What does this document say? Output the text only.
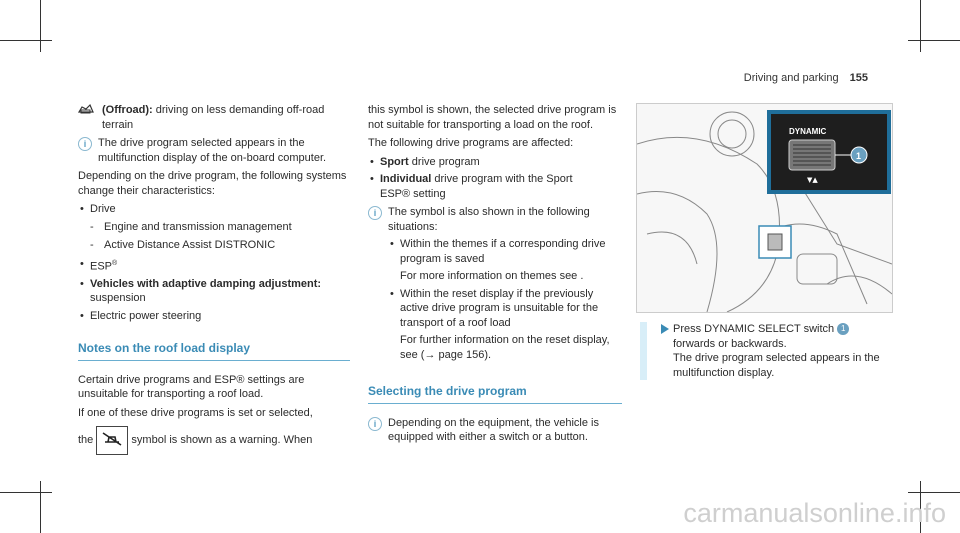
Driving and parking 155
(Offroad): driving on less demanding off-road terrain
i	The drive program selected appears in the multifunction display of the on-board computer.

Depending on the drive program, the following systems change their characteristics:

• Drive
- Engine and transmission management
- Active Distance Assist DISTRONIC
• ESP®
• Vehicles with adaptive damping adjustment: suspension
• Electric power steering
Notes on the roof load display

Certain drive programs and ESP® settings are unsuitable for transporting a roof load.

If one of these drive programs is set or selected,

the	symbol is shown as a warning. When

this symbol is shown, the selected drive program is not suitable for transporting a load on the roof.

The following drive programs are affected:

• Sport drive program
• Individual drive program with the Sport
ESP® setting
i	The symbol is also shown in the following situations:
• Within the themes if a corresponding drive program is saved
For more information on themes see .
• Within the reset display if the previously active drive program is unsuitable for the transport of a roof load
For further information on the reset display, see (→ page 156).
Selecting the drive program
i	Depending on the equipment, the vehicle is equipped with either a switch or a button.
DYNAMIC
▼▲
1
Press DYNAMIC SELECT switch 1 forwards or backwards.
The drive program selected appears in the multifunction display.
carmanualsonline.info
